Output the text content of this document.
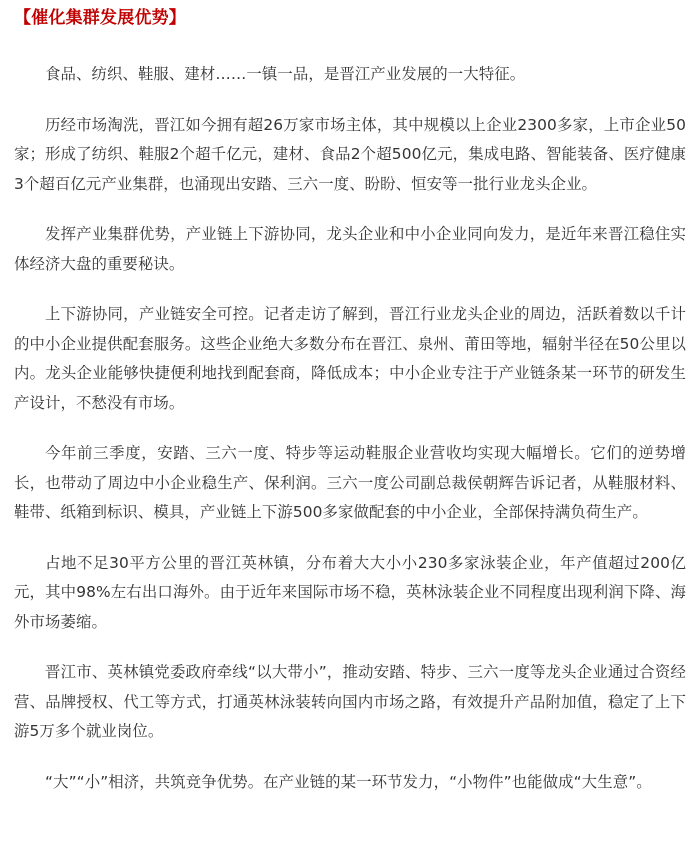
【催化集群发展优势】

食品、纺织、鞋服、建材……一镇一品，是晋江产业发展的一大特征。

历经市场淘洗，晋江如今拥有超26万家市场主体，其中规模以上企业2300多家，上市企业50家；形成了纺织、鞋服2个超千亿元，建材、食品2个超500亿元，集成电路、智能装备、医疗健康3个超百亿元产业集群，也涌现出安踏、三六一度、盼盼、恒安等一批行业龙头企业。

发挥产业集群优势，产业链上下游协同，龙头企业和中小企业同向发力，是近年来晋江稳住实体经济大盘的重要秘诀。

上下游协同，产业链安全可控。记者走访了解到，晋江行业龙头企业的周边，活跃着数以千计的中小企业提供配套服务。这些企业绝大多数分布在晋江、泉州、莆田等地，辐射半径在50公里以内。龙头企业能够快捷便利地找到配套商，降低成本；中小企业专注于产业链条某一环节的研发生产设计，不愁没有市场。

今年前三季度，安踏、三六一度、特步等运动鞋服企业营收均实现大幅增长。它们的逆势增长，也带动了周边中小企业稳生产、保利润。三六一度公司副总裁侯朝辉告诉记者，从鞋服材料、鞋带、纸箱到标识、模具，产业链上下游500多家做配套的中小企业，全部保持满负荷生产。

占地不足30平方公里的晋江英林镇，分布着大大小小230多家泳装企业，年产值超过200亿元，其中98%左右出口海外。由于近年来国际市场不稳，英林泳装企业不同程度出现利润下降、海外市场萎缩。

晋江市、英林镇党委政府牵线“以大带小”，推动安踏、特步、三六一度等龙头企业通过合资经营、品牌授权、代工等方式，打通英林泳装转向国内市场之路，有效提升产品附加值，稳定了上下游5万多个就业岗位。

“大”“小”相济，共筑竞争优势。在产业链的某一环节发力，“小物件”也能做成“大生意”。
